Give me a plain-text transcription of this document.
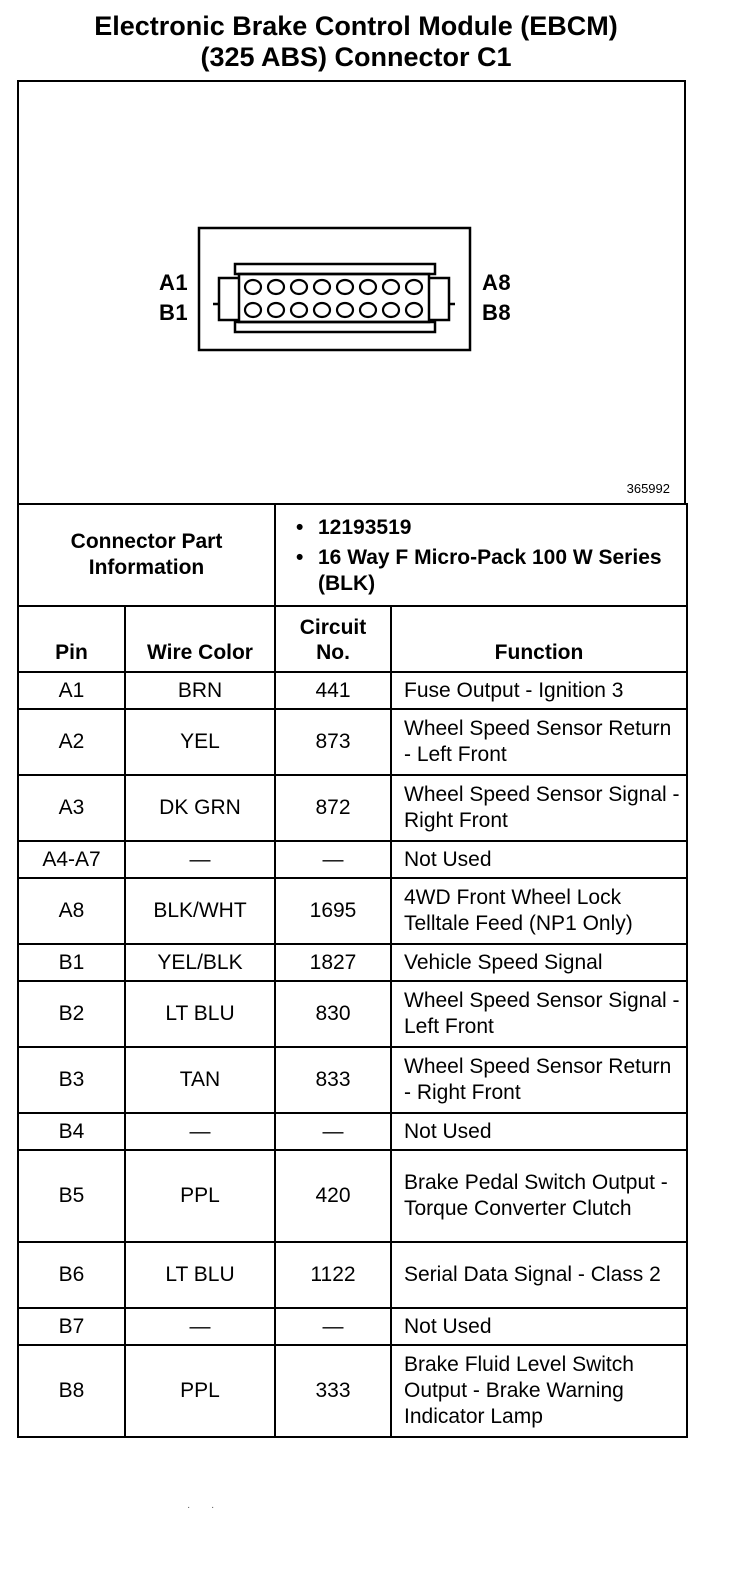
Electronic Brake Control Module (EBCM)
(325 ABS) Connector C1
A1
B1
A8
B8
365992
Connector Part Information	
• 12193519
• 16 Way F Micro-Pack 100 W Series (BLK)
Pin	Wire Color	Circuit No.	Function
A1	BRN	441	Fuse Output - Ignition 3
A2	YEL	873	Wheel Speed Sensor Return - Left Front
A3	DK GRN	872	Wheel Speed Sensor Signal - Right Front
A4-A7	—	—	Not Used
A8	BLK/WHT	1695	4WD Front Wheel Lock Telltale Feed (NP1 Only)
B1	YEL/BLK	1827	Vehicle Speed Signal
B2	LT BLU	830	Wheel Speed Sensor Signal - Left Front
B3	TAN	833	Wheel Speed Sensor Return - Right Front
B4	—	—	Not Used
B5	PPL	420	Brake Pedal Switch Output - Torque Converter Clutch
B6	LT BLU	1122	Serial Data Signal - Class 2
B7	—	—	Not Used
B8	PPL	333	Brake Fluid Level Switch Output - Brake Warning Indicator Lamp
· ·
